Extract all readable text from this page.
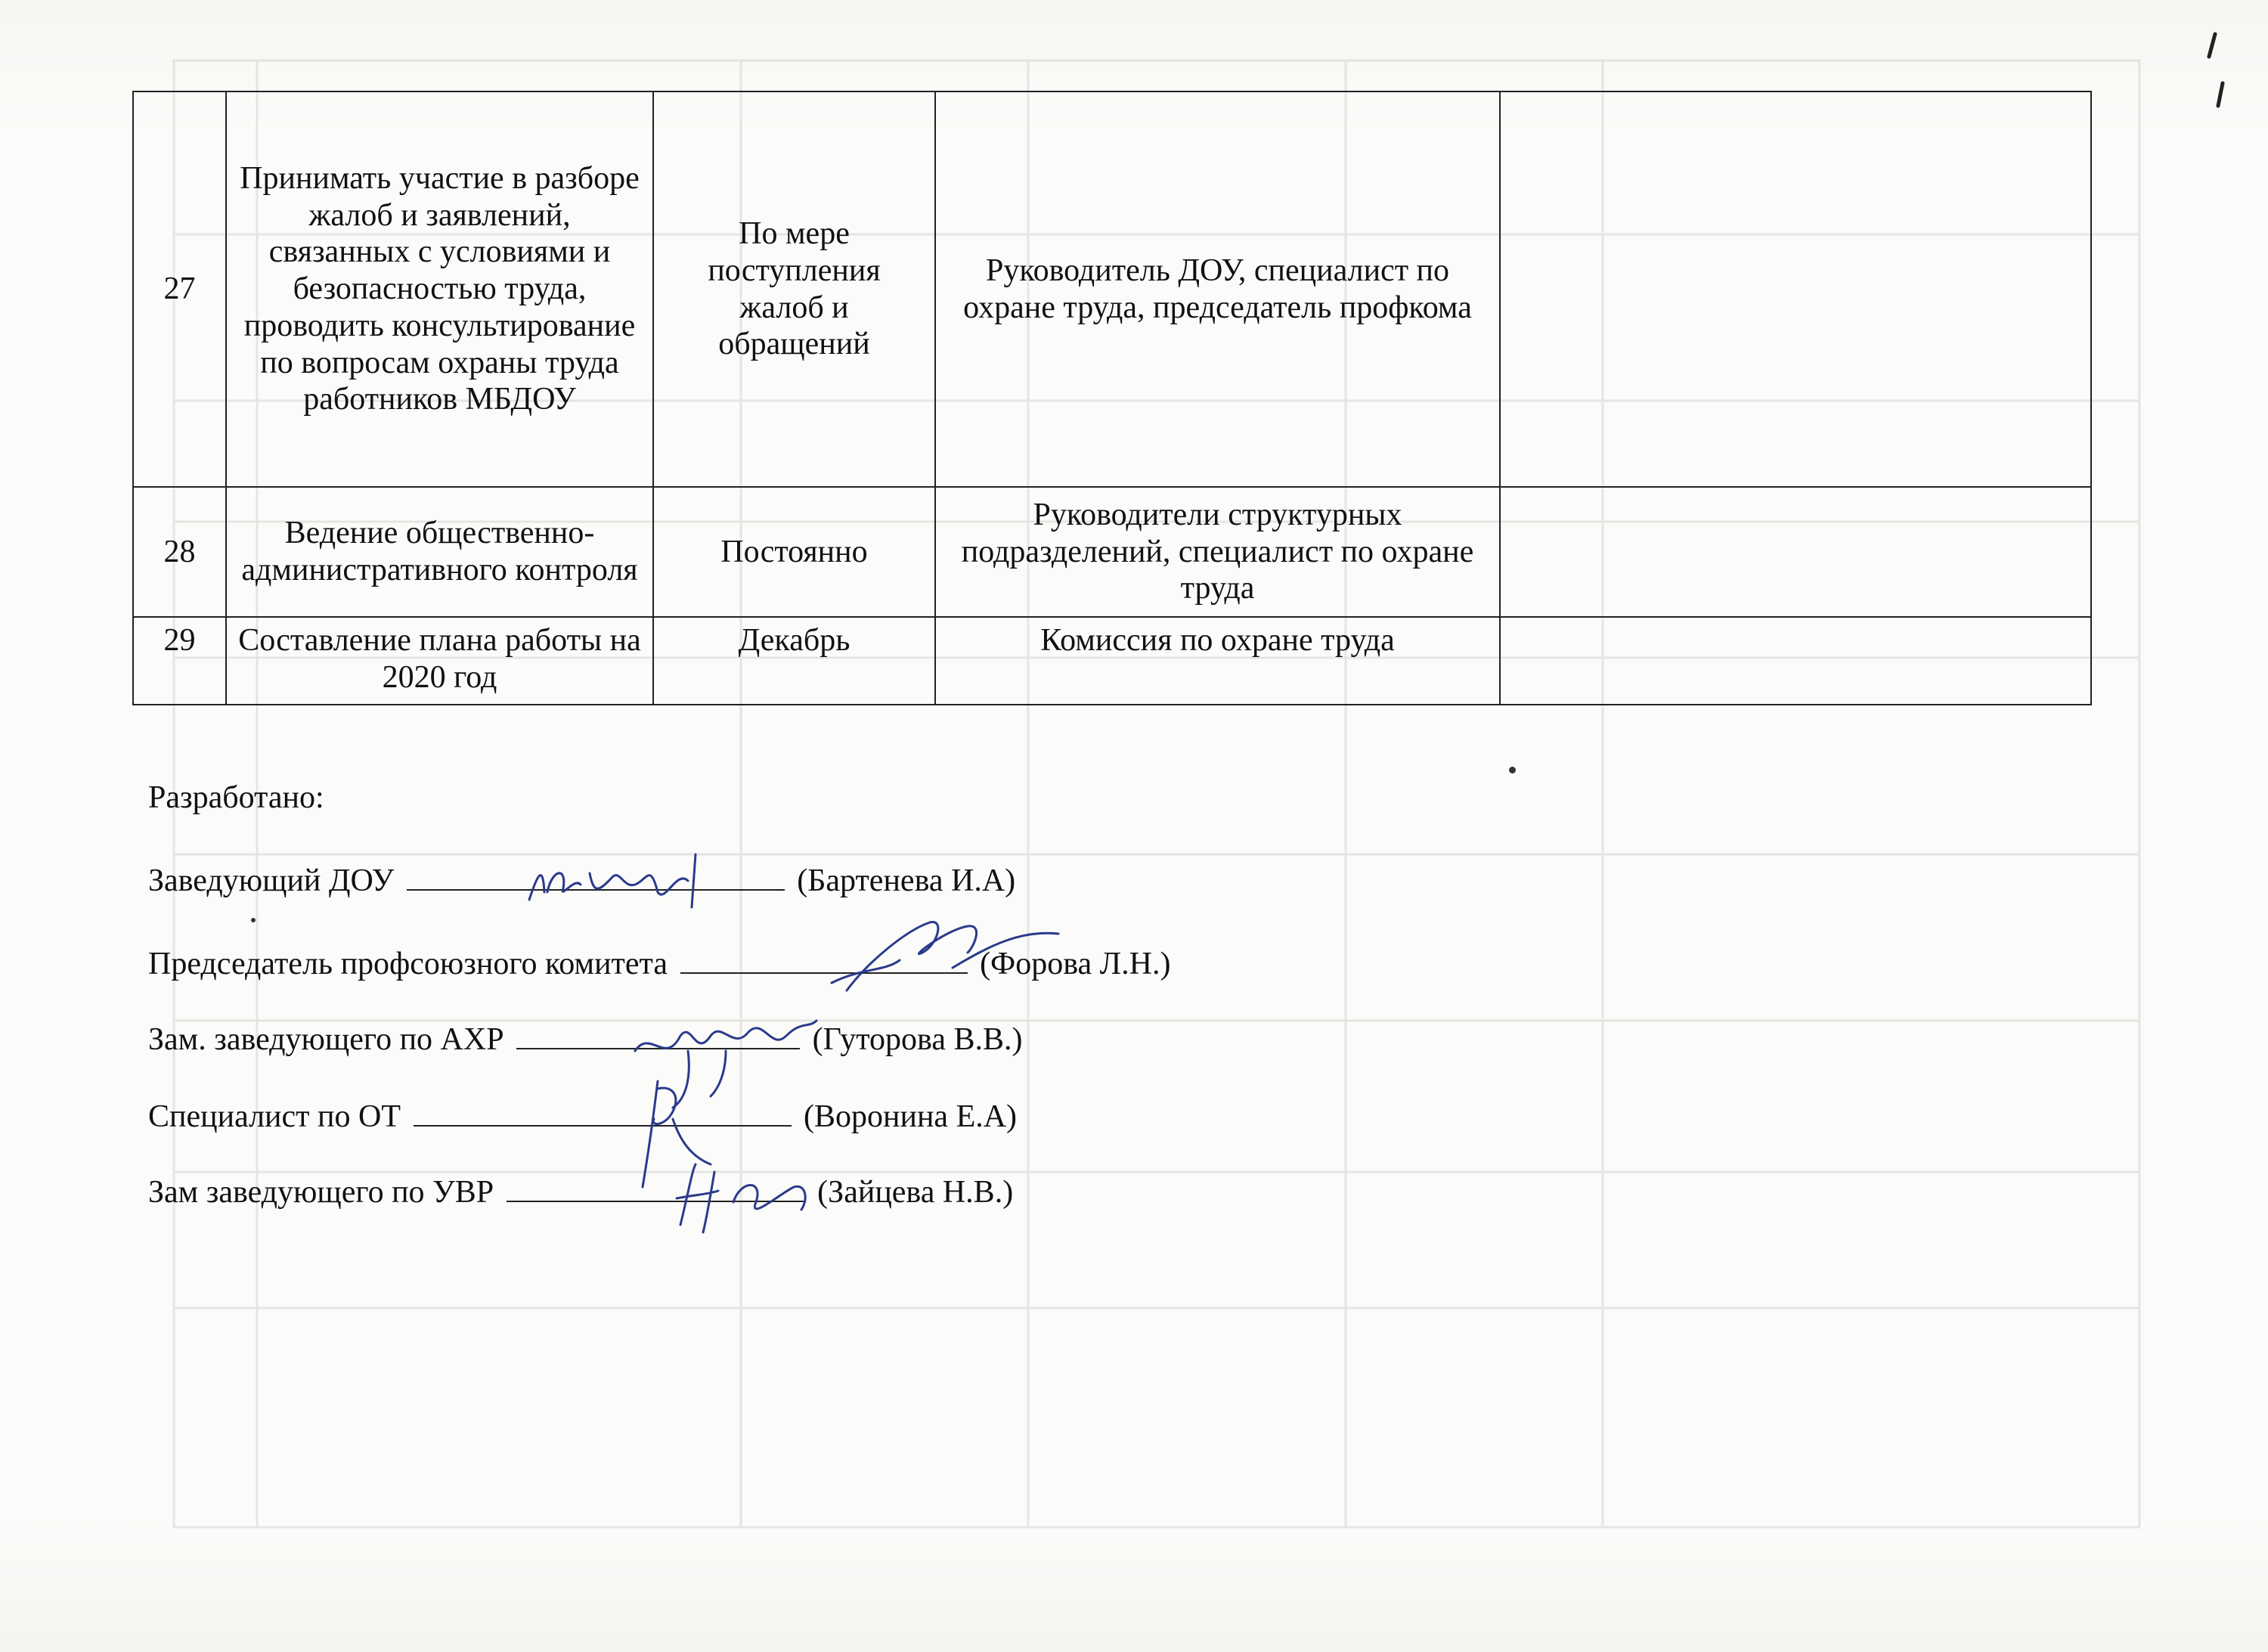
27	Принимать участие в разборе жалоб и заявлений, связанных с условиями и безопасностью труда, проводить консультирование по вопросам охраны труда работников МБДОУ	По мере поступления жалоб и обращений	Руководитель ДОУ, специалист по охране труда, председатель профкома	
28	Ведение общественно-административного контроля	Постоянно	Руководители структурных подразделений, специалист по охране труда	
29	Составление плана работы на 2020 год	Декабрь	Комиссия по охране труда	
Разработано:
Заведующий ДОУ	(Бартенева И.А)
Председатель профсоюзного комитета	(Форова Л.Н.)
Зам. заведующего по АХР	(Гуторова В.В.)
Специалист по ОТ	(Воронина Е.А)
Зам заведующего по УВР	(Зайцева Н.В.)
